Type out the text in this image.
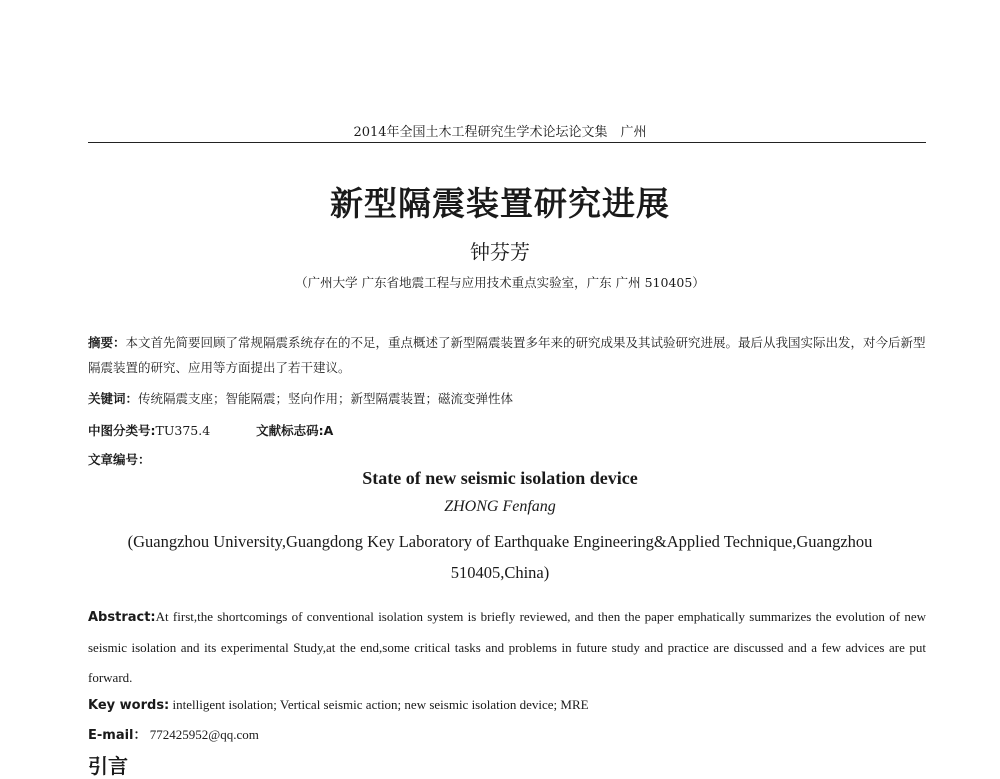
2014年全国土木工程研究生学术论坛论文集　广州
新型隔震装置研究进展
钟芬芳
（广州大学 广东省地震工程与应用技术重点实验室，广东 广州 510405）
摘要：本文首先简要回顾了常规隔震系统存在的不足，重点概述了新型隔震装置多年来的研究成果及其试验研究进展。最后从我国实际出发，对今后新型隔震装置的研究、应用等方面提出了若干建议。
关键词：传统隔震支座；智能隔震；竖向作用；新型隔震装置；磁流变弹性体
中图分类号:TU375.4	文献标志码:A
文章编号：
State of new seismic isolation device
ZHONG Fenfang
(Guangzhou University,Guangdong Key Laboratory of Earthquake Engineering&Applied Technique,Guangzhou 510405,China)
Abstract:At first,the shortcomings of conventional isolation system is briefly reviewed, and then the paper emphatically summarizes the evolution of new seismic isolation and its experimental Study,at the end,some critical tasks and problems in future study and practice are discussed and a few advices are put forward.
Key words: intelligent isolation; Vertical seismic action; new seismic isolation device; MRE
E-mail： 772425952@qq.com
引言
